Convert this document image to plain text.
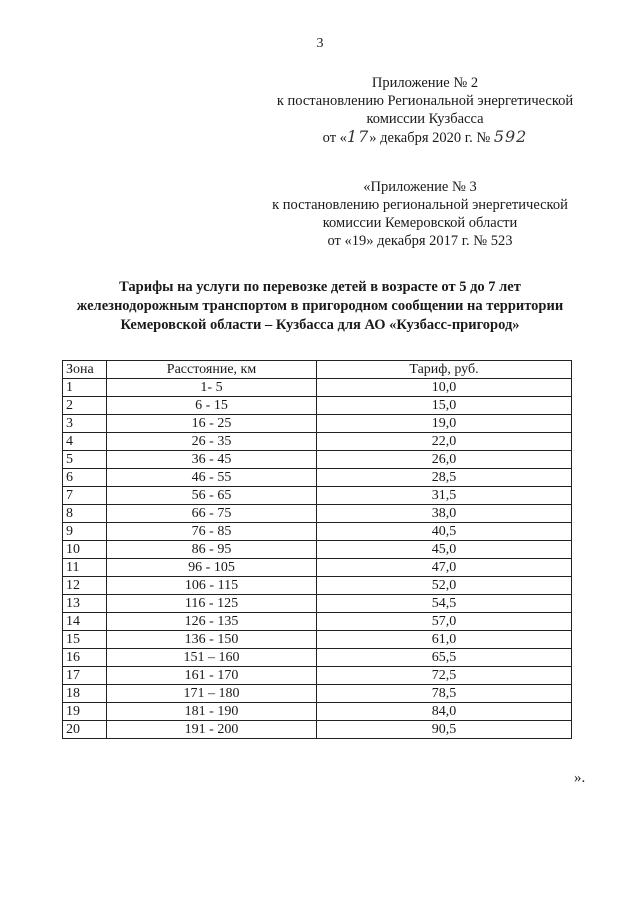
3
Приложение № 2
к постановлению Региональной энергетической
комиссии Кузбасса
от «17» декабря 2020 г. № 592
«Приложение № 3
к постановлению региональной энергетической
комиссии Кемеровской области
от «19» декабря 2017 г. № 523
Тарифы на услуги по перевозке детей в возрасте от 5 до 7 лет
железнодорожным транспортом в пригородном сообщении на территории
Кемеровской области – Кузбасса для АО «Кузбасс-пригород»
Зона	Расстояние, км	Тариф, руб.
1	1- 5	10,0
2	6 - 15	15,0
3	16 - 25	19,0
4	26 - 35	22,0
5	36 - 45	26,0
6	46 - 55	28,5
7	56 - 65	31,5
8	66 - 75	38,0
9	76 - 85	40,5
10	86 - 95	45,0
11	96 - 105	47,0
12	106 - 115	52,0
13	116 - 125	54,5
14	126 - 135	57,0
15	136 - 150	61,0
16	151 – 160	65,5
17	161 - 170	72,5
18	171 – 180	78,5
19	181 - 190	84,0
20	191 - 200	90,5
».
